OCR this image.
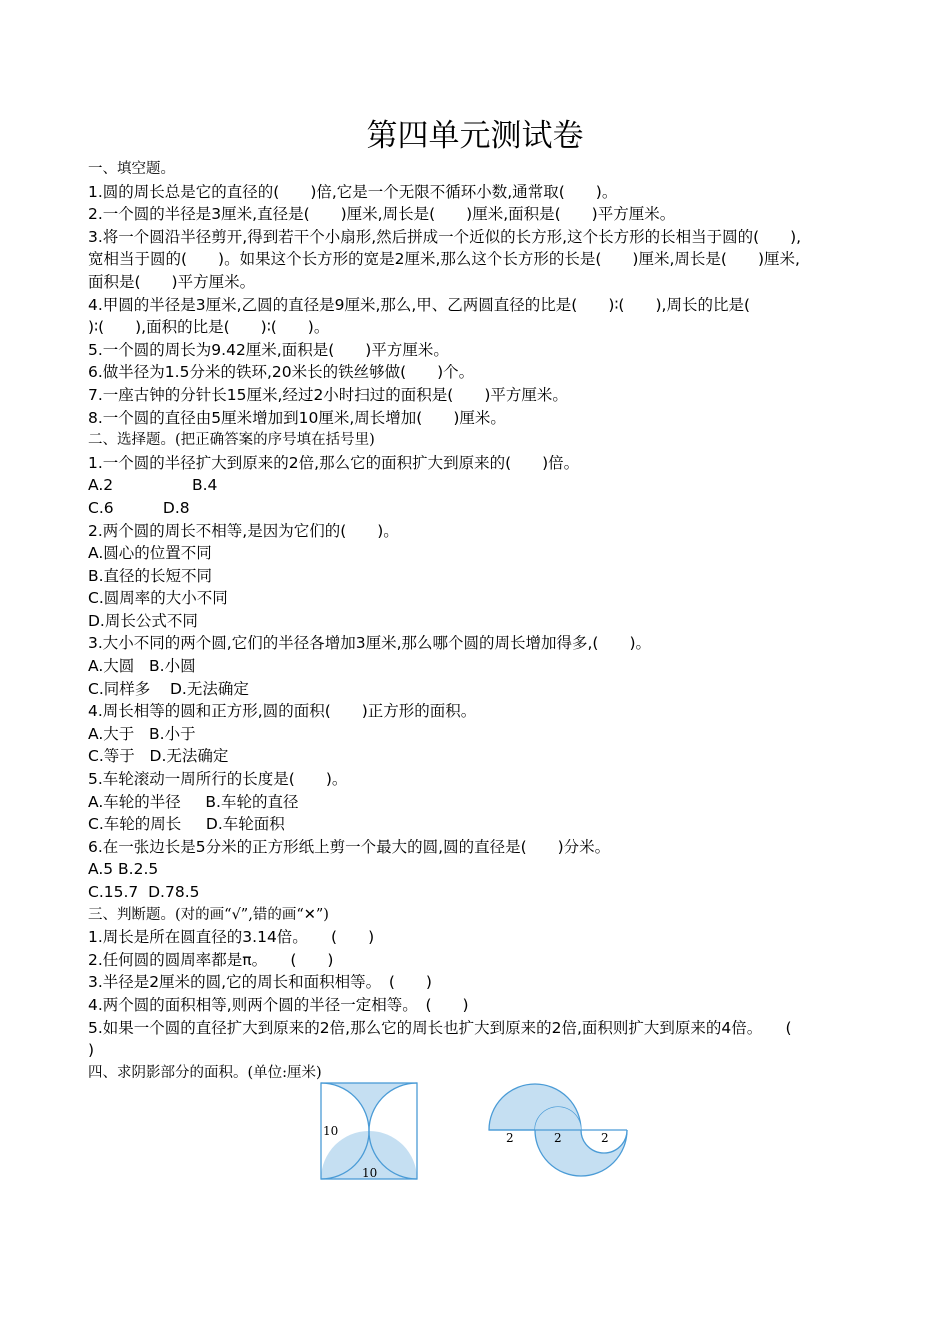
第四单元测试卷
一、填空题。
1.圆的周长总是它的直径的(　　)倍,它是一个无限不循环小数,通常取(　　)。
2.一个圆的半径是3厘米,直径是(　　)厘米,周长是(　　)厘米,面积是(　　)平方厘米。
3.将一个圆沿半径剪开,得到若干个小扇形,然后拼成一个近似的长方形,这个长方形的长相当于圆的(　　),
宽相当于圆的(　　)。如果这个长方形的宽是2厘米,那么这个长方形的长是(　　)厘米,周长是(　　)厘米,
面积是(　　)平方厘米。
4.甲圆的半径是3厘米,乙圆的直径是9厘米,那么,甲、乙两圆直径的比是(　　)∶(　　),周长的比是(
)∶(　　),面积的比是(　　)∶(　　)。
5.一个圆的周长为9.42厘米,面积是(　　)平方厘米。
6.做半径为1.5分米的铁环,20米长的铁丝够做(　　)个。
7.一座古钟的分针长15厘米,经过2小时扫过的面积是(　　)平方厘米。
8.一个圆的直径由5厘米增加到10厘米,周长增加(　　)厘米。
二、选择题。(把正确答案的序号填在括号里)
1.一个圆的半径扩大到原来的2倍,那么它的面积扩大到原来的(　　)倍。
A.2                B.4
C.6          D.8
2.两个圆的周长不相等,是因为它们的(　　)。
A.圆心的位置不同
B.直径的长短不同
C.圆周率的大小不同
D.周长公式不同
3.大小不同的两个圆,它们的半径各增加3厘米,那么哪个圆的周长增加得多,(　　)。
A.大圆   B.小圆
C.同样多    D.无法确定
4.周长相等的圆和正方形,圆的面积(　　)正方形的面积。
A.大于   B.小于
C.等于   D.无法确定
5.车轮滚动一周所行的长度是(　　)。
A.车轮的半径     B.车轮的直径
C.车轮的周长     D.车轮面积
6.在一张边长是5分米的正方形纸上剪一个最大的圆,圆的直径是(　　)分米。
A.5 B.2.5
C.15.7  D.78.5
三、判断题。(对的画“√”,错的画“✕”)
1.周长是所在圆直径的3.14倍。　　(　　)
2.任何圆的圆周率都是π。　　(　　)
3.半径是2厘米的圆,它的周长和面积相等。　(　　)
4.两个圆的面积相等,则两个圆的半径一定相等。　(　　)
5.如果一个圆的直径扩大到原来的2倍,那么它的周长也扩大到原来的2倍,面积则扩大到原来的4倍。　　(
)
四、求阴影部分的面积。(单位:厘米)
10
10
2	2	2
